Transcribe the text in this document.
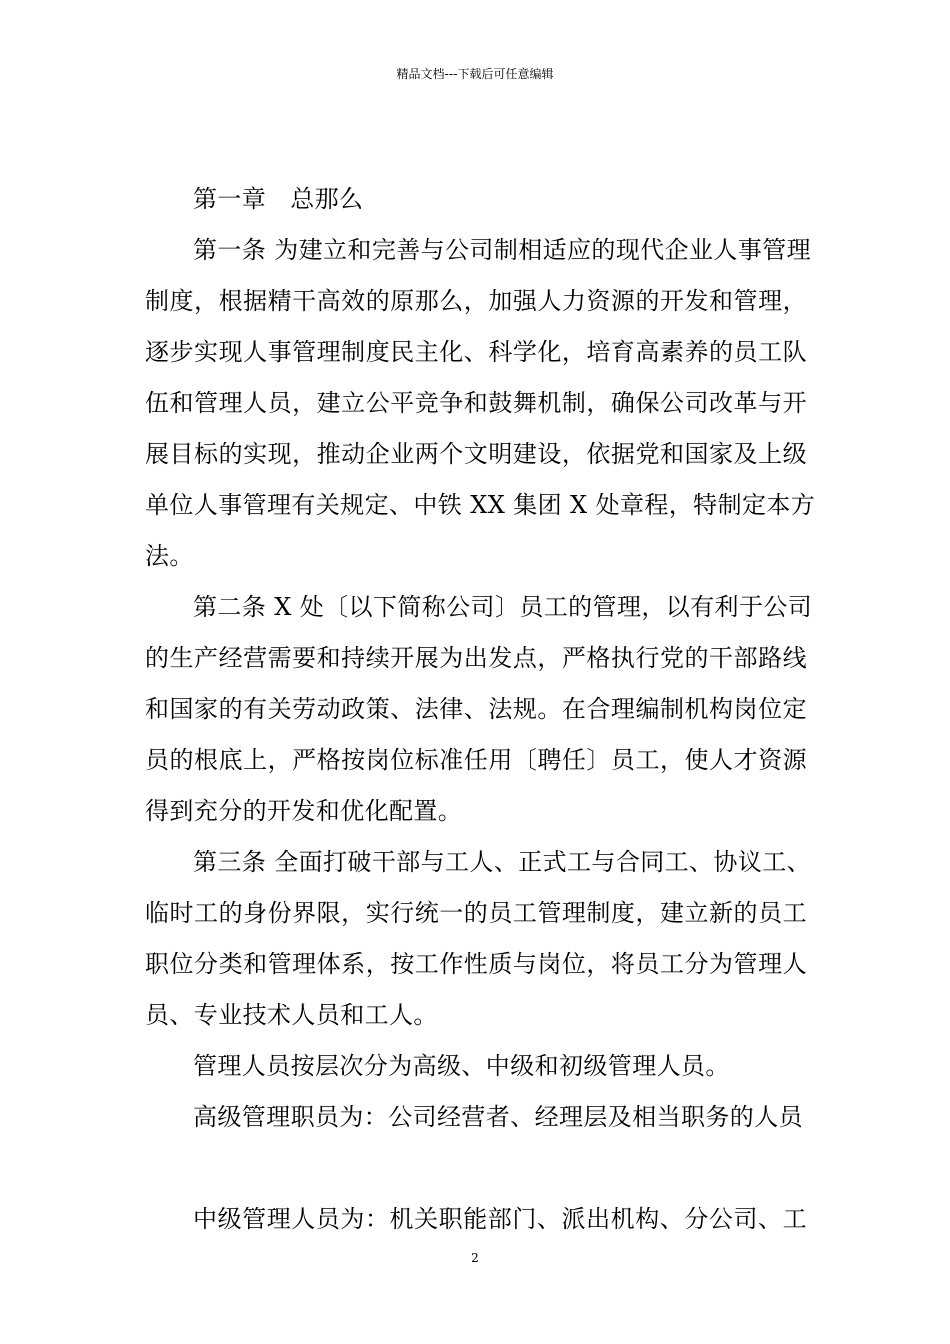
精品文档---下载后可任意编辑
第一章 总那么
第一条 为建立和完善与公司制相适应的现代企业人事管理
制度，根据精干高效的原那么，加强人力资源的开发和管理，
逐步实现人事管理制度民主化、科学化，培育高素养的员工队
伍和管理人员，建立公平竞争和鼓舞机制，确保公司改革与开
展目标的实现，推动企业两个文明建设，依据党和国家及上级
单位人事管理有关规定、中铁 XX 集团 X 处章程，特制定本方
法。
第二条 X 处〔以下简称公司〕员工的管理，以有利于公司
的生产经营需要和持续开展为出发点，严格执行党的干部路线
和国家的有关劳动政策、法律、法规。在合理编制机构岗位定
员的根底上，严格按岗位标准任用〔聘任〕员工，使人才资源
得到充分的开发和优化配置。
第三条 全面打破干部与工人、正式工与合同工、协议工、
临时工的身份界限，实行统一的员工管理制度，建立新的员工
职位分类和管理体系，按工作性质与岗位，将员工分为管理人
员、专业技术人员和工人。
管理人员按层次分为高级、中级和初级管理人员。
高级管理职员为：公司经营者、经理层及相当职务的人员
中级管理人员为：机关职能部门、派出机构、分公司、工
2
